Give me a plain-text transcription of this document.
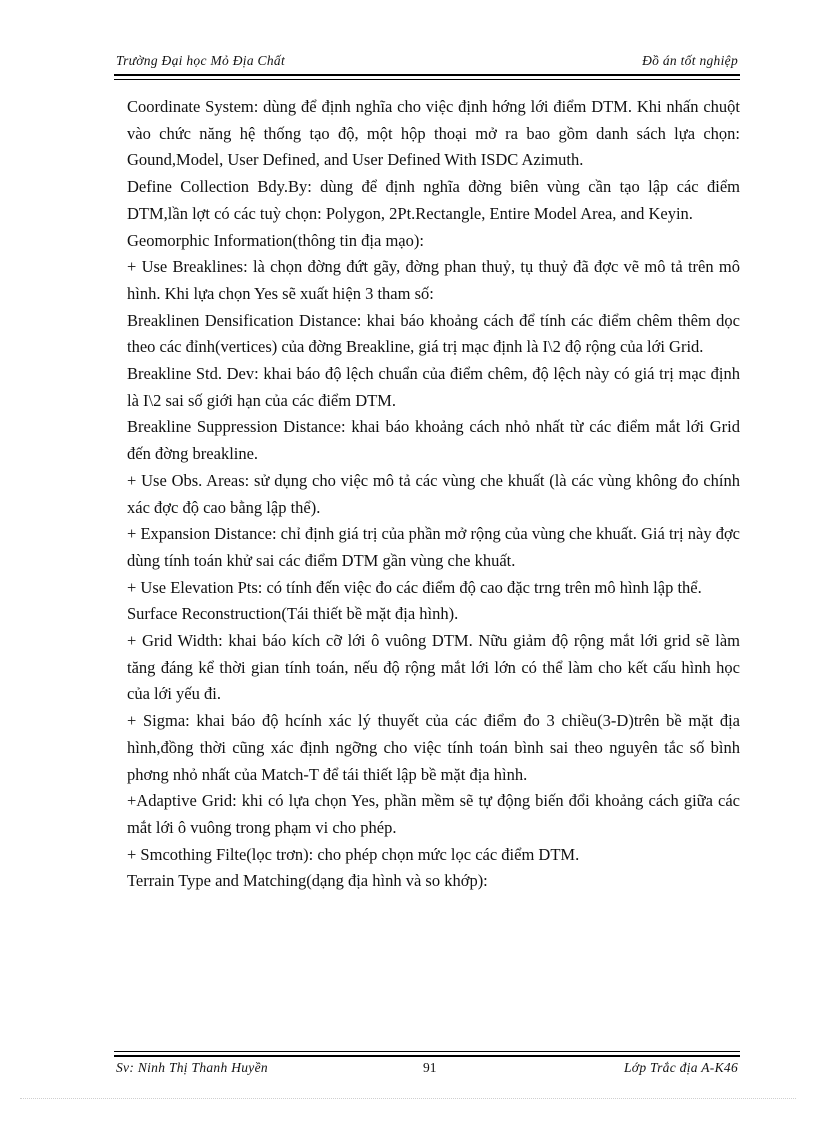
Trường Đại học Mỏ Địa Chất	Đồ án tốt nghiệp

Coordinate System: dùng để định nghĩa cho việc định hớng lới điểm DTM. Khi nhấn chuột vào chức năng hệ thống tạo độ, một hộp thoại mở ra bao gồm danh sách lựa chọn: Gound,Model, User Defined, and User Defined With ISDC Azimuth.

Define Collection Bdy.By: dùng để định nghĩa đờng biên vùng cần tạo lập các điểm DTM,lần lợt có các tuỳ chọn: Polygon, 2Pt.Rectangle, Entire Model Area, and Keyin.

Geomorphic Information(thông tin địa mạo):

+ Use Breaklines: là chọn đờng đứt gãy, đờng phan thuỷ, tụ thuỷ đã đợc vẽ mô tả trên mô hình. Khi lựa chọn Yes sẽ xuất hiện 3 tham số:

Breaklinen Densification Distance: khai báo khoảng cách để tính các điểm chêm thêm dọc theo các đỉnh(vertices) của đờng Breakline, giá trị mạc định là I\2 độ rộng của lới Grid.

Breakline Std. Dev: khai báo độ lệch chuẩn của điểm chêm, độ lệch này có giá trị mạc định là I\2 sai số giới hạn của các điểm DTM.

Breakline Suppression Distance: khai báo khoảng cách nhỏ nhất từ các điểm mắt lới Grid đến đờng breakline.

+ Use Obs. Areas: sử dụng cho việc mô tả các vùng che khuất (là các vùng không đo chính xác đợc độ cao bằng lập thể).

+ Expansion Distance: chỉ định giá trị của phần mở rộng của vùng che khuất. Giá trị này đợc dùng tính toán khử sai các điểm DTM gần vùng che khuất.

+ Use Elevation Pts: có tính đến việc đo các điểm độ cao đặc trng trên mô hình lập thể.

Surface Reconstruction(Tái thiết bề mặt địa hình).

+ Grid Width: khai báo kích cỡ lới ô vuông DTM. Nữu giảm độ rộng mắt lới grid sẽ làm tăng đáng kể thời gian tính toán, nếu độ rộng mắt lới lớn có thể làm cho kết cấu hình học của lới yếu đi.

+ Sigma: khai báo độ hcính xác lý thuyết của các điểm đo 3 chiều(3-D)trên bề mặt địa hình,đồng thời cũng xác định ngỡng cho việc tính toán bình sai theo nguyên tắc số bình phơng nhỏ nhất của Match-T để tái thiết lập bề mặt địa hình.

+Adaptive Grid: khi có lựa chọn Yes, phần mềm sẽ tự động biến đổi khoảng cách giữa các mắt lới ô vuông trong phạm vi cho phép.

+ Smcothing Filte(lọc trơn): cho phép chọn mức lọc các điểm DTM.

Terrain Type and Matching(dạng địa hình và so khớp):

Sv: Ninh Thị Thanh Huyền	91	Lớp Trắc địa A-K46
